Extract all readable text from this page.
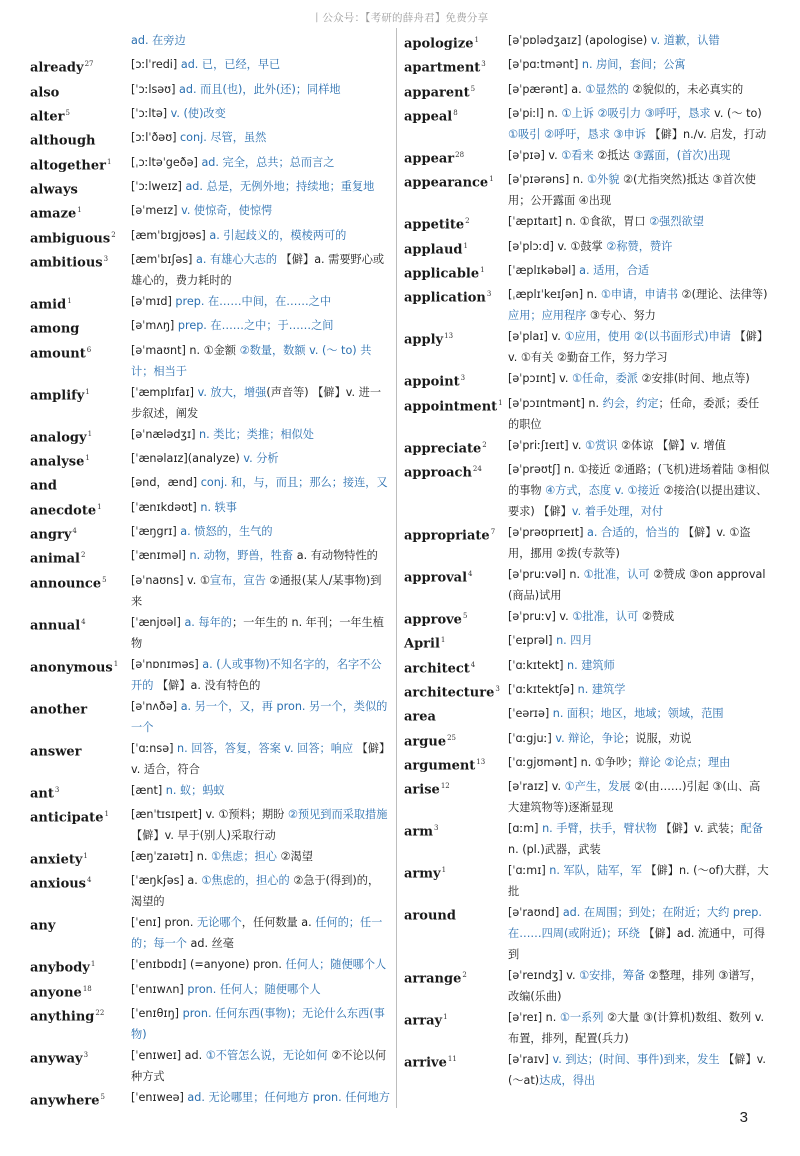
丨公众号：【考研的薛舟君】免费分享
ad. 在旁边
already$^{27}$	[ɔːlˈredi] ad. 已，已经，早已
also	[ˈɔːlsəʊ] ad. 而且(也)，此外(还)；同样地
alter$^5$	[ˈɔːltə] v. (使)改变
although	[ɔːlˈðəʊ] conj. 尽管，虽然
altogether$^1$	[ˌɔːltəˈgeðə] ad. 完全，总共；总而言之
always	[ˈɔːlweɪz] ad. 总是，无例外地；持续地；重复地
amaze$^1$	[əˈmeɪz] v. 使惊奇，使惊愕
ambiguous$^2$	[æmˈbɪgjʊəs] a. 引起歧义的，模棱两可的
ambitious$^3$	[æmˈbɪʃəs] a. 有雄心大志的 【僻】a. 需要野心或雄心的，费力耗时的
amid$^1$	[əˈmɪd] prep. 在……中间，在……之中
among	[əˈmʌŋ] prep. 在……之中；于……之间
amount$^6$	[əˈmaʊnt] n. ①金额 ②数量，数额 v. (～ to) 共计；相当于
amplify$^1$	[ˈæmplɪfaɪ] v. 放大，增强(声音等) 【僻】v. 进一步叙述，阐发
analogy$^1$	[əˈnælədʒɪ] n. 类比；类推；相似处
analyse$^1$	[ˈænəlaɪz](analyze) v. 分析
and	[ənd，ænd] conj. 和，与，而且；那么；接连，又
anecdote$^1$	[ˈænɪkdəʊt] n. 轶事
angry$^4$	[ˈæŋgrɪ] a. 愤怒的，生气的
animal$^2$	[ˈænɪməl] n. 动物，野兽，牲畜 a. 有动物特性的
announce$^5$	[əˈnaʊns] v. ①宣布，宣告 ②通报(某人/某事物)到来
annual$^4$	[ˈænjʊəl] a. 每年的；一年生的 n. 年刊；一年生植物
anonymous$^1$	[əˈnɒnɪməs] a. (人或事物)不知名字的，名字不公开的 【僻】a. 没有特色的
another	[əˈnʌðə] a. 另一个，又，再 pron. 另一个，类似的一个
answer	[ˈɑːnsə] n. 回答，答复，答案 v. 回答；响应 【僻】v. 适合，符合
ant$^3$	[ænt] n. 蚁；蚂蚁
anticipate$^1$	[ænˈtɪsɪpeɪt] v. ①预料；期盼 ②预见到而采取措施 【僻】v. 早于(别人)采取行动
anxiety$^1$	[æŋˈzaɪətɪ] n. ①焦虑；担心 ②渴望
anxious$^4$	[ˈæŋkʃəs] a. ①焦虑的，担心的 ②急于(得到)的，渴望的
any	[ˈenɪ] pron. 无论哪个，任何数量 a. 任何的；任一的；每一个 ad. 丝毫
anybody$^1$	[ˈenɪbɒdɪ] (=anyone) pron. 任何人；随便哪个人
anyone$^{18}$	[ˈenɪwʌn] pron. 任何人；随便哪个人
anything$^{22}$	[ˈenɪθɪŋ] pron. 任何东西(事物)；无论什么东西(事物)
anyway$^3$	[ˈenɪweɪ] ad. ①不管怎么说，无论如何 ②不论以何种方式
anywhere$^5$	[ˈenɪweə] ad. 无论哪里；任何地方 pron. 任何地方
apologize$^1$	[əˈpɒlədʒaɪz] (apologise) v. 道歉，认错
apartment$^3$	[əˈpɑːtmənt] n. 房间，套间；公寓
apparent$^5$	[əˈpærənt] a. ①显然的 ②貌似的，未必真实的
appeal$^8$	[əˈpiːl] n. ①上诉 ②吸引力 ③呼吁，恳求 v. (～ to)①吸引 ②呼吁，恳求 ③申诉 【僻】n./v. 启发，打动
appear$^{28}$	[əˈpɪə] v. ①看来 ②抵达 ③露面，(首次)出现
appearance$^1$	[əˈpɪərəns] n. ①外貌 ②(尤指突然)抵达 ③首次使用；公开露面 ④出现
appetite$^2$	[ˈæpɪtaɪt] n. ①食欲，胃口 ②强烈欲望
applaud$^1$	[əˈplɔːd] v. ①鼓掌 ②称赞，赞许
applicable$^1$	[ˈæplɪkəbəl] a. 适用，合适
application$^3$	[ˌæplɪˈkeɪʃən] n. ①申请，申请书 ②(理论、法律等)应用；应用程序 ③专心、努力
apply$^{13}$	[əˈplaɪ] v. ①应用，使用 ②(以书面形式)申请 【僻】v. ①有关 ②勤奋工作，努力学习
appoint$^3$	[əˈpɔɪnt] v. ①任命，委派 ②安排(时间、地点等)
appointment$^1$ [əˈpɔɪntmənt] n. 约会，约定；任命，委派；委任的职位
appreciate$^2$	[əˈpriːʃɪeɪt] v. ①赏识 ②体谅 【僻】v. 增值
approach$^{24}$	[əˈprəʊtʃ] n. ①接近 ②通路；(飞机)进场着陆 ③相似的事物 ④方式，态度 v. ①接近 ②接洽(以提出建议、要求) 【僻】v. 着手处理，对付
appropriate$^7$	[əˈprəʊprɪeɪt] a. 合适的，恰当的 【僻】v. ①盗用，挪用 ②拨(专款等)
approval$^4$	[əˈpruːvəl] n. ①批准，认可 ②赞成 ③on approval(商品)试用
approve$^5$	[əˈpruːv] v. ①批准，认可 ②赞成
April$^1$	[ˈeɪprəl] n. 四月
architect$^4$	[ˈɑːkɪtekt] n. 建筑师
architecture$^3$ [ˈɑːkɪtektʃə] n. 建筑学
area	[ˈeərɪə] n. 面积；地区，地域；领域，范围
argue$^{25}$	[ˈɑːgjuː] v. 辩论，争论；说服，劝说
argument$^{13}$	[ˈɑːgjʊmənt] n. ①争吵；辩论 ②论点；理由
arise$^{12}$	[əˈraɪz] v. ①产生，发展 ②(由……)引起 ③(山、高大建筑物等)逐渐显现
arm$^3$	[ɑːm] n. 手臂，扶手，臂状物 【僻】v. 武装；配备 n. (pl.)武器，武装
army$^1$	[ˈɑːmɪ] n. 军队，陆军，军 【僻】n. (～of)大群，大批
around	[əˈraʊnd] ad. 在周围；到处；在附近；大约 prep. 在……四周(或附近)；环绕 【僻】ad. 流通中，可得到
arrange$^2$	[əˈreɪndʒ] v. ①安排，筹备 ②整理，排列 ③谱写，改编(乐曲)
array$^1$	[əˈreɪ] n. ①一系列 ②大量 ③(计算机)数组、数列 v. 布置，排列，配置(兵力)
arrive$^{11}$	[əˈraɪv] v. 到达；(时间、事件)到来，发生 【僻】v. (～at)达成，得出
3
